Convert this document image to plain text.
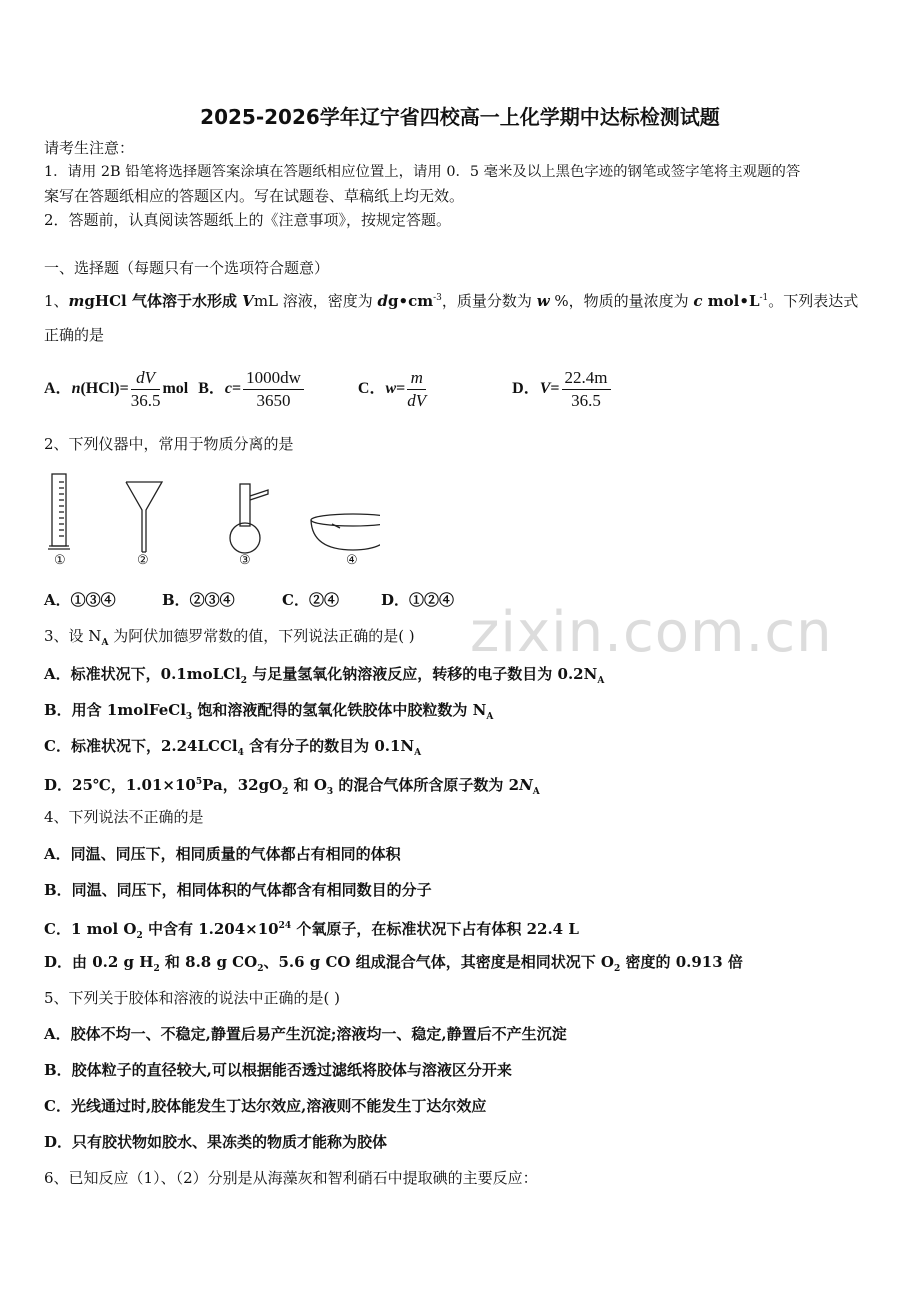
2025-2026学年辽宁省四校高一上化学期中达标检测试题
请考生注意：
1．请用 2B 铅笔将选择题答案涂填在答题纸相应位置上，请用 0．5 毫米及以上黑色字迹的钢笔或签字笔将主观题的答
案写在答题纸相应的答题区内。写在试题卷、草稿纸上均无效。
2．答题前，认真阅读答题纸上的《注意事项》，按规定答题。
一、选择题（每题只有一个选项符合题意）
1、mgHCl 气体溶于水形成 VmL 溶液，密度为 $dg•cm^{-3}$，质量分数为 w %，物质的量浓度为 c $mol•L^{-1}$。下列表达式
正确的是
A．$n(HCl)= \frac{dV}{36.5}$ mol B．$c= \frac{1000dw}{3650}$	C．$w= \frac{m}{dV}$	D．$V= \frac{22.4m}{36.5}$
2、下列仪器中，常用于物质分离的是
①	②	③	④
A．①③④	B．②③④	C．②④	D．①②④ zixin.com.cn
3、设 $N_A$ 为阿伏加德罗常数的值，下列说法正确的是( )
A．标准状况下，0.1moLCl$_2$ 与足量氢氧化钠溶液反应，转移的电子数目为 $0.2N_A$
B．用含 1molFeCl$_3$ 饱和溶液配得的氢氧化铁胶体中胶粒数为 $N_A$
C．标准状况下，2.24LCCl$_4$ 含有分子的数目为 $0.1N_A$
D．25℃，$1.01\times 10^5Pa$，$32gO_2$ 和 $O_3$ 的混合气体所含原子数为 $2N_A$
4、下列说法不正确的是
A．同温、同压下，相同质量的气体都占有相同的体积
B．同温、同压下，相同体积的气体都含有相同数目的分子
C．1 mol $O_2$ 中含有 $1.204\times 10^{24}$ 个氧原子，在标准状况下占有体积 22.4 L
D．由 0.2 g $H_2$ 和 8.8 g $CO_2$、5.6 g CO 组成混合气体，其密度是相同状况下 $O_2$ 密度的 0.913 倍
5、下列关于胶体和溶液的说法中正确的是( )
A．胶体不均一、不稳定,静置后易产生沉淀;溶液均一、稳定,静置后不产生沉淀
B．胶体粒子的直径较大,可以根据能否透过滤纸将胶体与溶液区分开来
C．光线通过时,胶体能发生丁达尔效应,溶液则不能发生丁达尔效应
D．只有胶状物如胶水、果冻类的物质才能称为胶体
6、已知反应（1）、（2）分别是从海藻灰和智利硝石中提取碘的主要反应：
